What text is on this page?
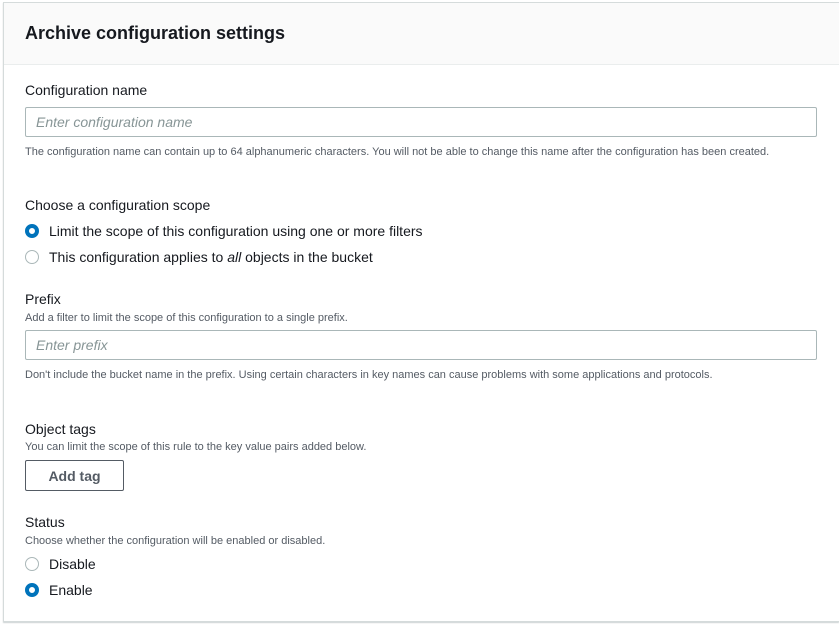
Archive configuration settings
Configuration name
Enter configuration name
The configuration name can contain up to 64 alphanumeric characters. You will not be able to change this name after the configuration has been created.
Choose a configuration scope
Limit the scope of this configuration using one or more filters
This configuration applies to all objects in the bucket
Prefix
Add a filter to limit the scope of this configuration to a single prefix.
Enter prefix
Don't include the bucket name in the prefix. Using certain characters in key names can cause problems with some applications and protocols.
Object tags
You can limit the scope of this rule to the key value pairs added below.
Add tag
Status
Choose whether the configuration will be enabled or disabled.
Disable
Enable
